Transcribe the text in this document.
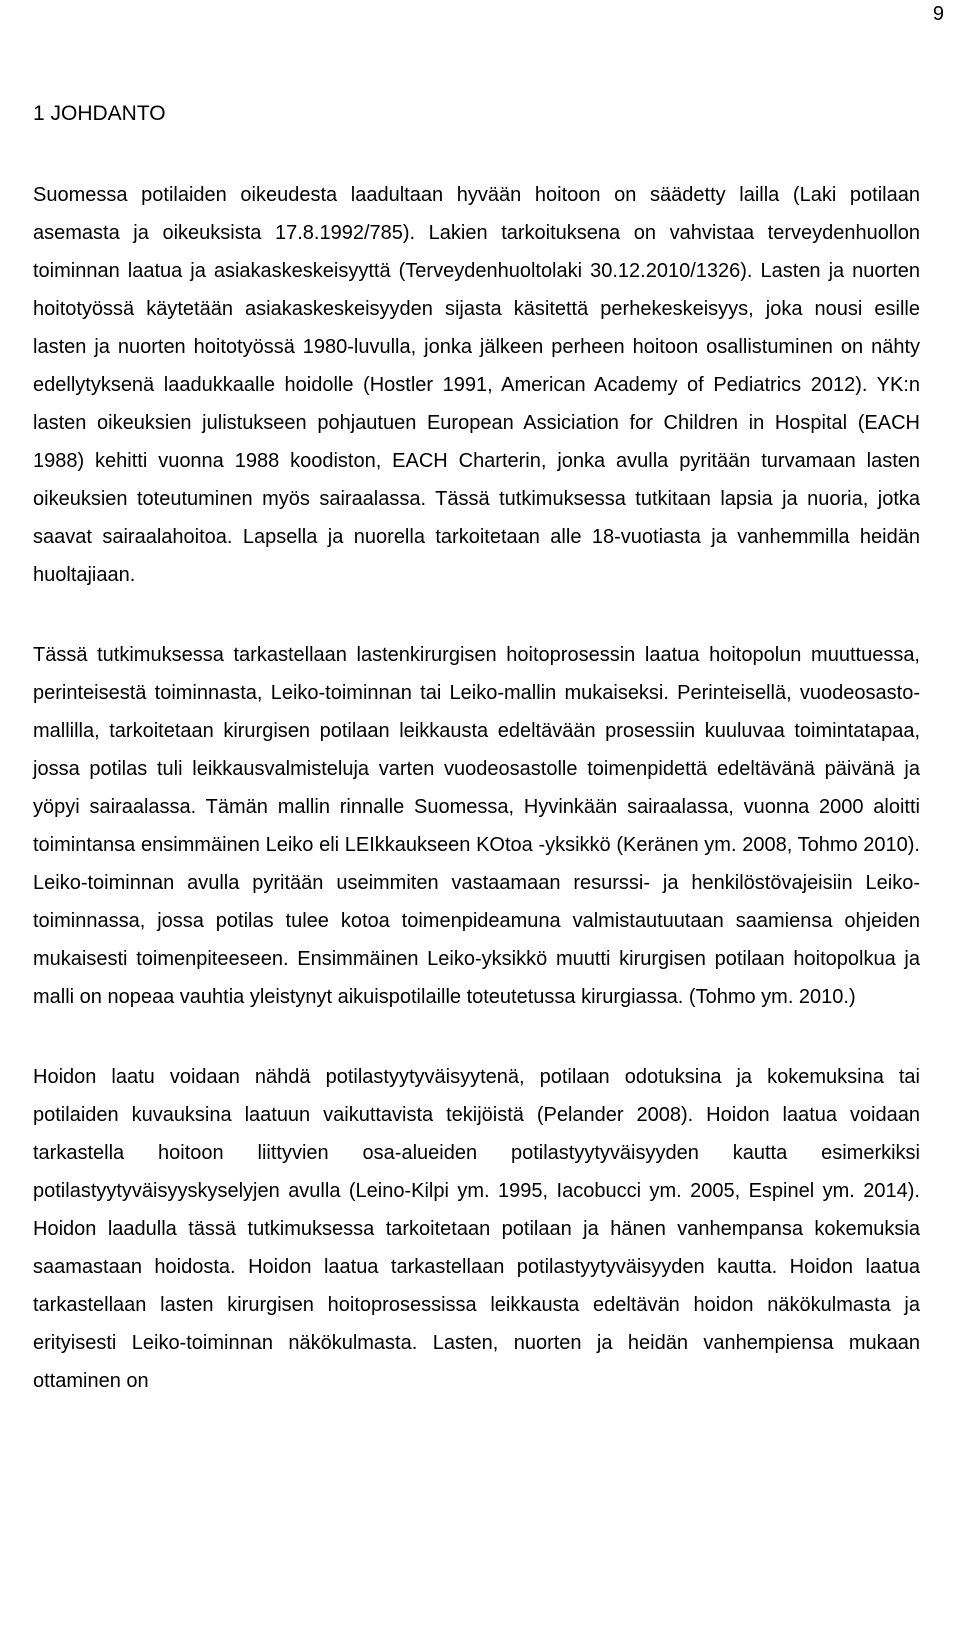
9
1 JOHDANTO

Suomessa potilaiden oikeudesta laadultaan hyvään hoitoon on säädetty lailla (Laki potilaan asemasta ja oikeuksista 17.8.1992/785). Lakien tarkoituksena on vahvistaa terveydenhuollon toiminnan laatua ja asiakaskeskeisyyttä (Terveydenhuoltolaki 30.12.2010/1326). Lasten ja nuorten hoitotyössä käytetään asiakaskeskeisyyden sijasta käsitettä perhekeskeisyys, joka nousi esille lasten ja nuorten hoitotyössä 1980-luvulla, jonka jälkeen perheen hoitoon osallistuminen on nähty edellytyksenä laadukkaalle hoidolle (Hostler 1991, American Academy of Pediatrics 2012). YK:n lasten oikeuksien julistukseen pohjautuen European Assiciation for Children in Hospital (EACH 1988) kehitti vuonna 1988 koodiston, EACH Charterin, jonka avulla pyritään turvamaan lasten oikeuksien toteutuminen myös sairaalassa. Tässä tutkimuksessa tutkitaan lapsia ja nuoria, jotka saavat sairaalahoitoa. Lapsella ja nuorella tarkoitetaan alle 18-vuotiasta ja vanhemmilla heidän huoltajiaan.

Tässä tutkimuksessa tarkastellaan lastenkirurgisen hoitoprosessin laatua hoitopolun muuttuessa, perinteisestä toiminnasta, Leiko-toiminnan tai Leiko-mallin mukaiseksi. Perinteisellä, vuodeosasto-mallilla, tarkoitetaan kirurgisen potilaan leikkausta edeltävään prosessiin kuuluvaa toimintatapaa, jossa potilas tuli leikkausvalmisteluja varten vuodeosastolle toimenpidettä edeltävänä päivänä ja yöpyi sairaalassa. Tämän mallin rinnalle Suomessa, Hyvinkään sairaalassa, vuonna 2000 aloitti toimintansa ensimmäinen Leiko eli LEIkkaukseen KOtoa -yksikkö (Keränen ym. 2008, Tohmo 2010). Leiko-toiminnan avulla pyritään useimmiten vastaamaan resurssi- ja henkilöstövajeisiin Leiko-toiminnassa, jossa potilas tulee kotoa toimenpideamuna valmistautuutaan saamiensa ohjeiden mukaisesti toimenpiteeseen. Ensimmäinen Leiko-yksikkö muutti kirurgisen potilaan hoitopolkua ja malli on nopeaa vauhtia yleistynyt aikuispotilaille toteutetussa kirurgiassa. (Tohmo ym. 2010.)

Hoidon laatu voidaan nähdä potilastyytyväisyytenä, potilaan odotuksina ja kokemuksina tai potilaiden kuvauksina laatuun vaikuttavista tekijöistä (Pelander 2008). Hoidon laatua voidaan tarkastella hoitoon liittyvien osa-alueiden potilastyytyväisyyden kautta esimerkiksi potilastyytyväisyyskyselyjen avulla (Leino-Kilpi ym. 1995, Iacobucci ym. 2005, Espinel ym. 2014). Hoidon laadulla tässä tutkimuksessa tarkoitetaan potilaan ja hänen vanhempansa kokemuksia saamastaan hoidosta. Hoidon laatua tarkastellaan potilastyytyväisyyden kautta. Hoidon laatua tarkastellaan lasten kirurgisen hoitoprosessissa leikkausta edeltävän hoidon näkökulmasta ja erityisesti Leiko-toiminnan näkökulmasta. Lasten, nuorten ja heidän vanhempiensa mukaan ottaminen on
